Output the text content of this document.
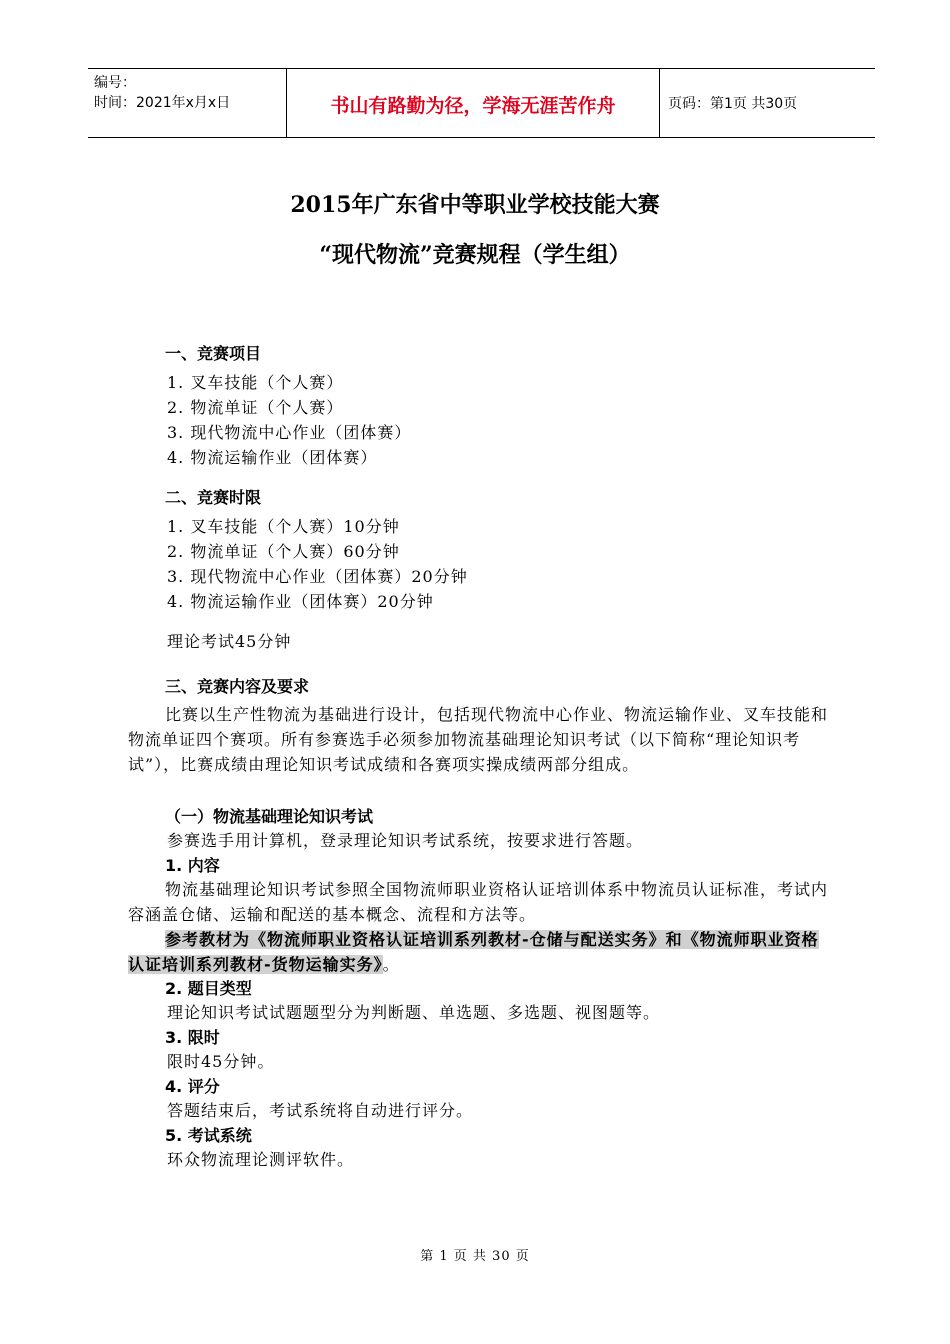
编号：
时间：2021年x月x日	书山有路勤为径，学海无涯苦作舟	页码：第1页 共30页
2015年广东省中等职业学校技能大赛
“现代物流”竞赛规程（学生组）
一、竞赛项目
1. 叉车技能（个人赛）
2. 物流单证（个人赛）
3. 现代物流中心作业（团体赛）
4. 物流运输作业（团体赛）
二、竞赛时限
1. 叉车技能（个人赛）10分钟
2. 物流单证（个人赛）60分钟
3. 现代物流中心作业（团体赛）20分钟
4. 物流运输作业（团体赛）20分钟
理论考试45分钟
三、竞赛内容及要求
比赛以生产性物流为基础进行设计，包括现代物流中心作业、物流运输作业、叉车技能和物流单证四个赛项。所有参赛选手必须参加物流基础理论知识考试（以下简称“理论知识考试”），比赛成绩由理论知识考试成绩和各赛项实操成绩两部分组成。
（一）物流基础理论知识考试
参赛选手用计算机，登录理论知识考试系统，按要求进行答题。
1. 内容
物流基础理论知识考试参照全国物流师职业资格认证培训体系中物流员认证标准，考试内容涵盖仓储、运输和配送的基本概念、流程和方法等。
参考教材为《物流师职业资格认证培训系列教材-仓储与配送实务》和《物流师职业资格认证培训系列教材-货物运输实务》。
2. 题目类型
理论知识考试试题题型分为判断题、单选题、多选题、视图题等。
3. 限时
限时45分钟。
4. 评分
答题结束后，考试系统将自动进行评分。
5. 考试系统
环众物流理论测评软件。
第 1 页 共 30 页
